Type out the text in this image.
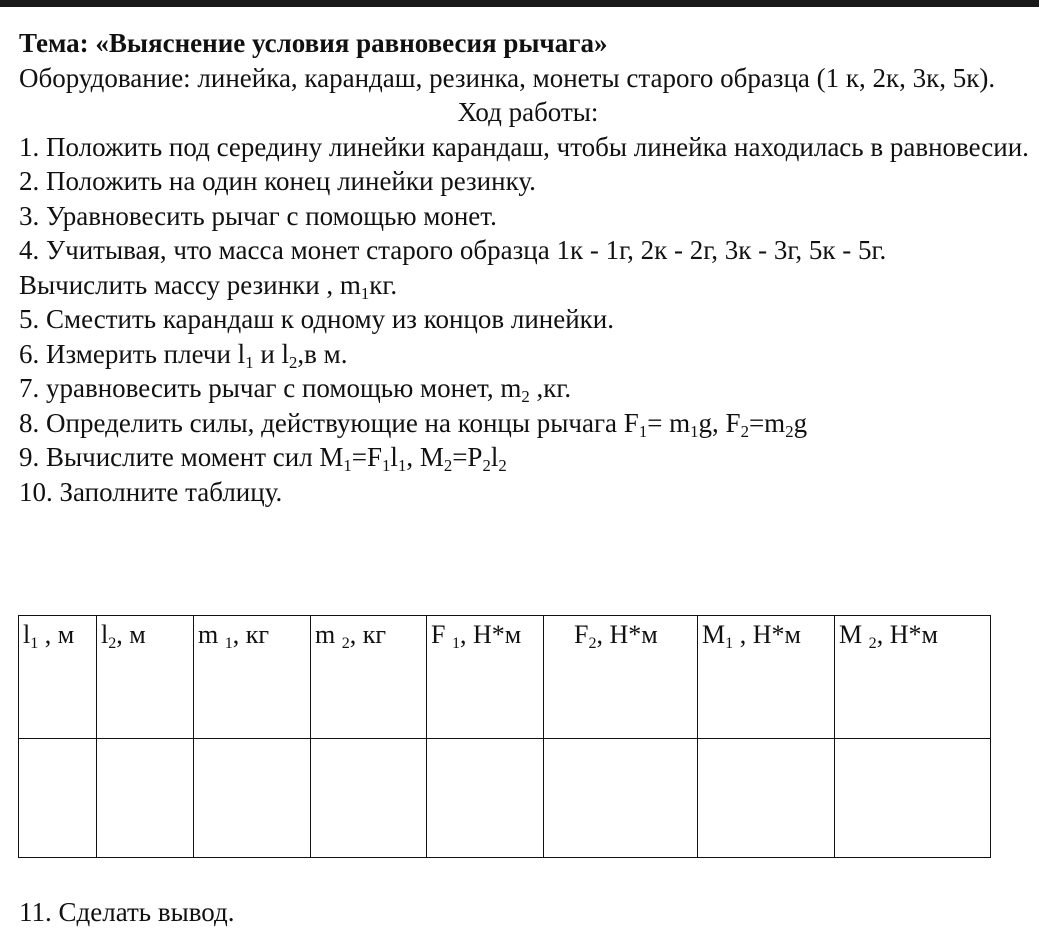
Тема: «Выяснение условия равновесия рычага»

Оборудование: линейка, карандаш, резинка, монеты старого образца (1 к, 2к, 3к, 5к).

Ход работы:

1. Положить под середину линейки карандаш, чтобы линейка находилась в равновесии.

2. Положить на один конец линейки резинку.

3. Уравновесить рычаг с помощью монет.

4. Учитывая, что масса монет старого образца 1к - 1г, 2к - 2г, 3к - 3г, 5к - 5г.

Вычислить массу резинки , $m_1кг$.

5. Сместить карандаш к одному из концов линейки.

6. Измерить плечи $l_1$ и $l_2,в$ м.

7. уравновесить рычаг с помощью монет, $m_2$ ,кг.

8. Определить силы, действующие на концы рычага $F_1= m_1g$, $F_2=m_2g$

9. Вычислите момент сил $M_1=F_1l_1$, $M_2=P_2l_2$

10. Заполните таблицу.

$l_1$ , м	$l_2$, м	m $_1$, кг	m $_2$, кг	F $_1$, Н*м	$F_2$, Н*м	$M_1$ , Н*м	M $_2$, Н*м

11. Сделать вывод.
